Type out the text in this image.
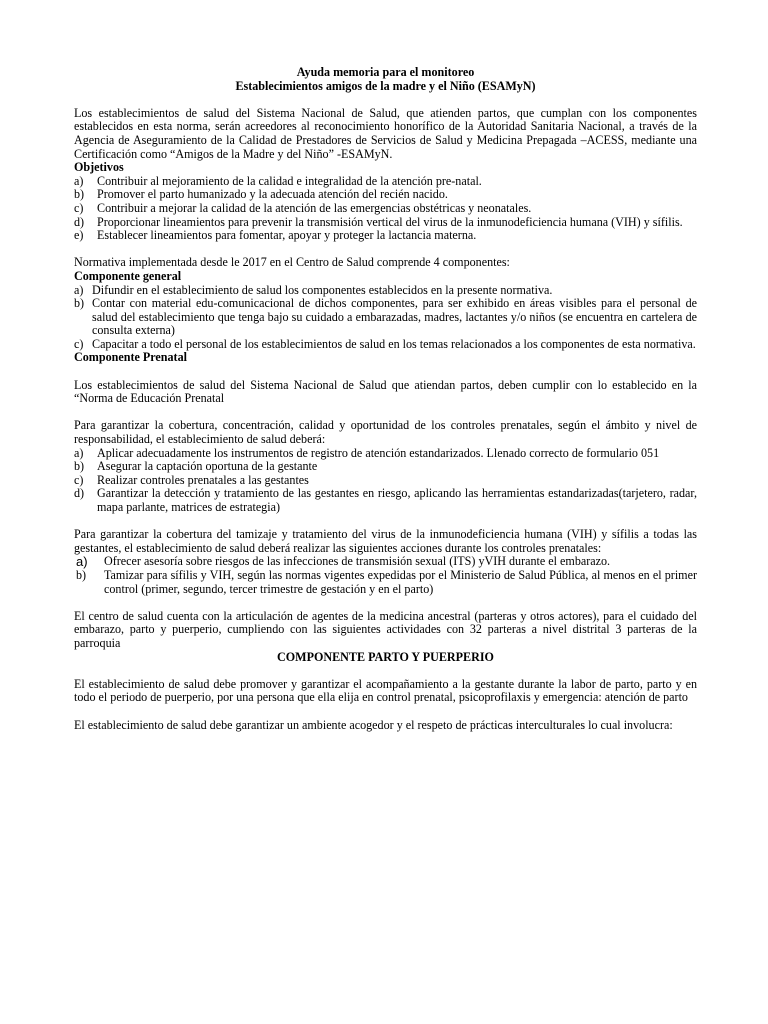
Ayuda memoria para el monitoreo

Establecimientos amigos de la madre y el Niño (ESAMyN)

Los establecimientos de salud del Sistema Nacional de Salud, que atienden partos, que cumplan con los componentes establecidos en esta norma, serán acreedores al reconocimiento honorífico de la Autoridad Sanitaria Nacional, a través de la Agencia de Aseguramiento de la Calidad de Prestadores de Servicios de Salud y Medicina Prepagada –ACESS, mediante una Certificación como “Amigos de la Madre y del Niño” -ESAMyN.

Objetivos

a) Contribuir al mejoramiento de la calidad e integralidad de la atención pre-natal.
b) Promover el parto humanizado y la adecuada atención del recién nacido.
c) Contribuir a mejorar la calidad de la atención de las emergencias obstétricas y neonatales.
d) Proporcionar lineamientos para prevenir la transmisión vertical del virus de la inmunodeficiencia humana (VIH) y sífilis.
e) Establecer lineamientos para fomentar, apoyar y proteger la lactancia materna.

Normativa implementada desde le 2017 en el Centro de Salud comprende 4 componentes:

Componente general

a) Difundir en el establecimiento de salud los componentes establecidos en la presente normativa.
b) Contar con material edu-comunicacional de dichos componentes, para ser exhibido en áreas visibles para el personal de salud del establecimiento que tenga bajo su cuidado a embarazadas, madres, lactantes y/o niños (se encuentra en cartelera de consulta externa)
c) Capacitar a todo el personal de los establecimientos de salud en los temas relacionados a los componentes de esta normativa.

Componente Prenatal

Los establecimientos de salud del Sistema Nacional de Salud que atiendan partos, deben cumplir con lo establecido en la “Norma de Educación Prenatal

Para garantizar la cobertura, concentración, calidad y oportunidad de los controles prenatales, según el ámbito y nivel de responsabilidad, el establecimiento de salud deberá:

a) Aplicar adecuadamente los instrumentos de registro de atención estandarizados. Llenado correcto de formulario 051
b) Asegurar la captación oportuna de la gestante
c) Realizar controles prenatales a las gestantes
d) Garantizar la detección y tratamiento de las gestantes en riesgo, aplicando las herramientas estandarizadas(tarjetero, radar, mapa parlante, matrices de estrategia)

Para garantizar la cobertura del tamizaje y tratamiento del virus de la inmunodeficiencia humana (VIH) y sífilis a todas las gestantes, el establecimiento de salud deberá realizar las siguientes acciones durante los controles prenatales:

a) Ofrecer asesoría sobre riesgos de las infecciones de transmisión sexual (ITS) yVIH durante el embarazo.
b) Tamizar para sífilis y VIH, según las normas vigentes expedidas por el Ministerio de Salud Pública, al menos en el primer control (primer, segundo, tercer trimestre de gestación y en el parto)

El centro de salud cuenta con la articulación de agentes de la medicina ancestral (parteras y otros actores), para el cuidado del embarazo, parto y puerperio, cumpliendo con las siguientes actividades con 32 parteras a nivel distrital 3 parteras de la parroquia

COMPONENTE PARTO Y PUERPERIO

El establecimiento de salud debe promover y garantizar el acompañamiento a la gestante durante la labor de parto, parto y en todo el periodo de puerperio, por una persona que ella elija en control prenatal, psicoprofilaxis y emergencia: atención de parto

El establecimiento de salud debe garantizar un ambiente acogedor y el respeto de prácticas interculturales lo cual involucra:
